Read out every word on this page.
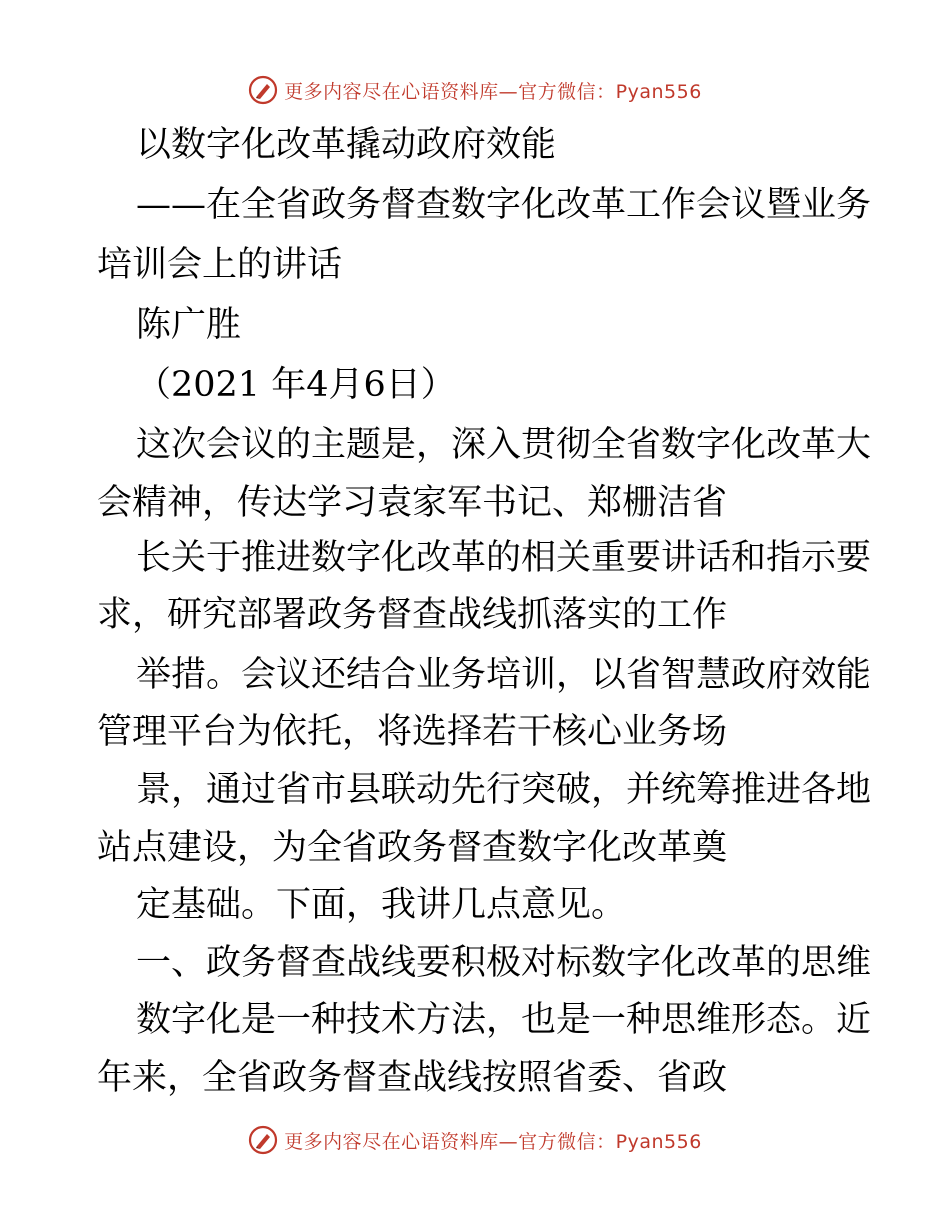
更多内容尽在心语资料库—官方微信：Pyan556
以数字化改革撬动政府效能
——在全省政务督查数字化改革工作会议暨业务
培训会上的讲话
陈广胜
（2021 年4月6日）
这次会议的主题是，深入贯彻全省数字化改革大
会精神，传达学习袁家军书记、郑栅洁省
长关于推进数字化改革的相关重要讲话和指示要
求，研究部署政务督查战线抓落实的工作
举措。会议还结合业务培训，以省智慧政府效能
管理平台为依托，将选择若干核心业务场
景，通过省市县联动先行突破，并统筹推进各地
站点建设，为全省政务督查数字化改革奠
定基础。下面，我讲几点意见。
一、政务督查战线要积极对标数字化改革的思维
数字化是一种技术方法，也是一种思维形态。近
年来，全省政务督查战线按照省委、省政
更多内容尽在心语资料库—官方微信：Pyan556
